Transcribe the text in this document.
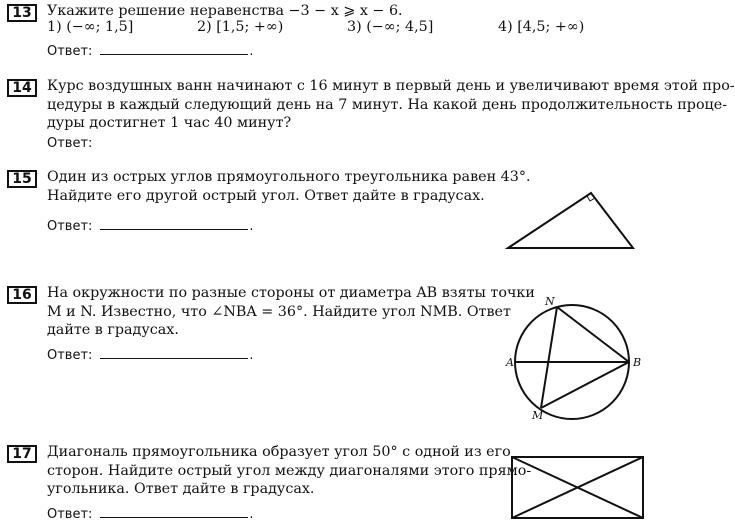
13	Укажите решение неравенства −3 − x ⩾ x − 6.
1) (−∞; 1,5]	2) [1,5; +∞)	3) (−∞; 4,5]	4) [4,5; +∞)
Ответ:	.
14	Курс воздушных ванн начинают с 16 минут в первый день и увеличивают время этой про-
цедуры в каждый следующий день на 7 минут. На какой день продолжительность проце-
дуры достигнет 1 час 40 минут?
Ответ:
15	Один из острых углов прямоугольного треугольника равен 43°.
Найдите его другой острый угол. Ответ дайте в градусах.
Ответ:	.
16	На окружности по разные стороны от диаметра AB взяты точки
M и N. Известно, что ∠NBA = 36°. Найдите угол NMB. Ответ
дайте в градусах.
Ответ:	.
N
A	B
M
17	Диагональ прямоугольника образует угол 50° с одной из его
сторон. Найдите острый угол между диагоналями этого прямо-
угольника. Ответ дайте в градусах.
Ответ:	.
